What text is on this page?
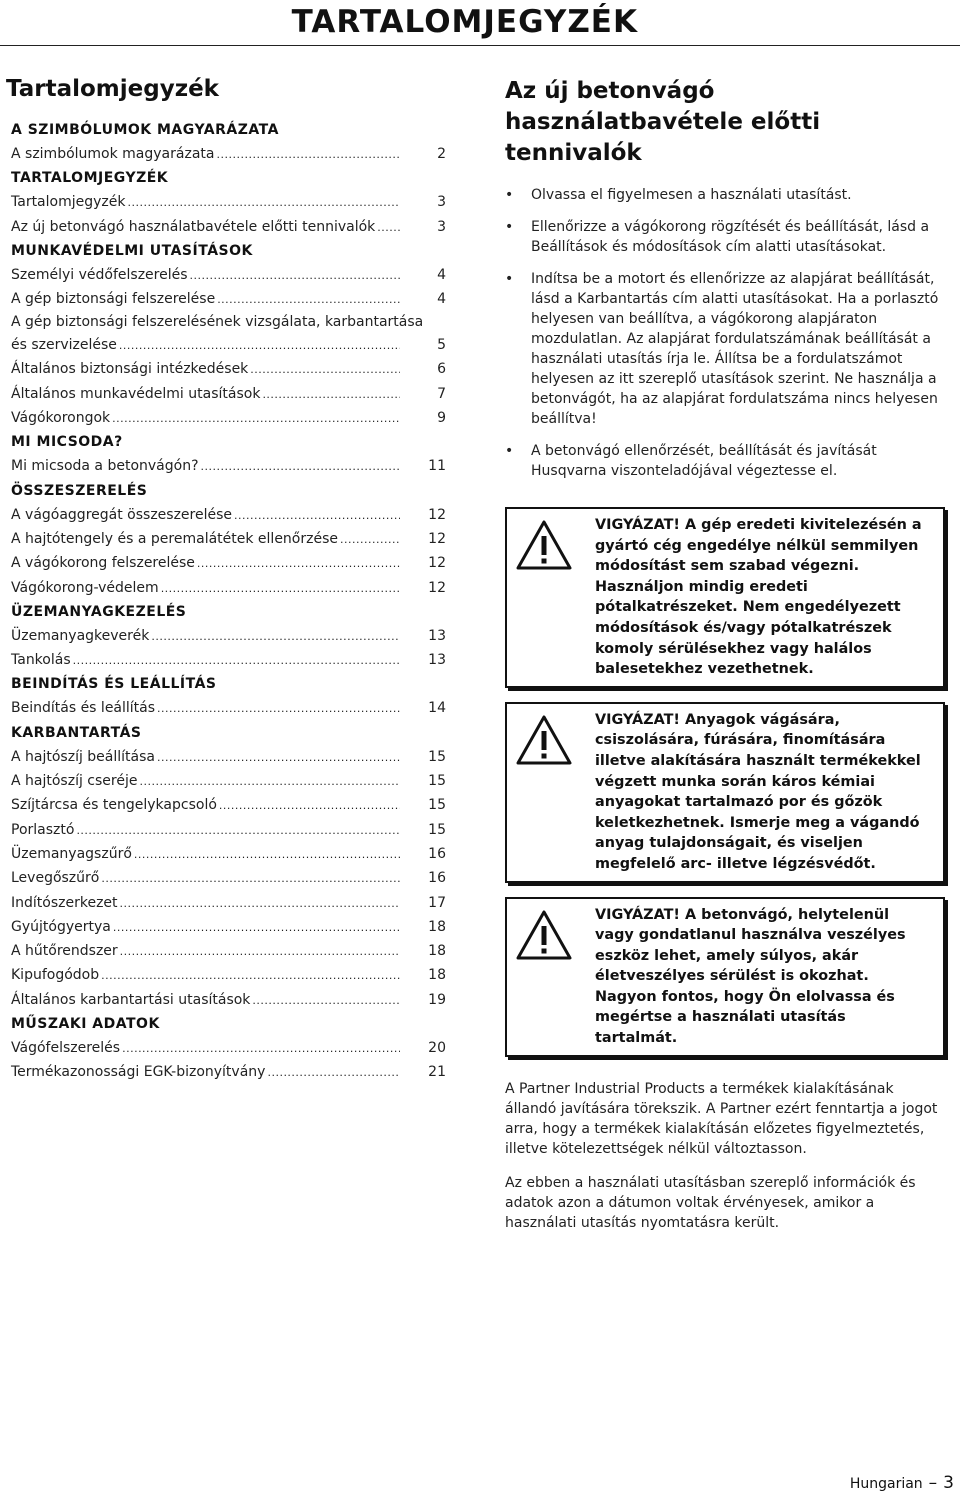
TARTALOMJEGYZÉK
Tartalomjegyzék
A SZIMBÓLUMOK MAGYARÁZATA
A szimbólumok magyarázata .....	2
TARTALOMJEGYZÉK
Tartalomjegyzék .....	3
Az új betonvágó használatbavétele előtti tennivalók .....	3
MUNKAVÉDELMI UTASÍTÁSOK
Személyi védőfelszerelés .....	4
A gép biztonsági felszerelése .....	4
A gép biztonsági felszerelésének vizsgálata, karbantartása
és szervizelése .....	5
Általános biztonsági intézkedések .....	6
Általános munkavédelmi utasítások .....	7
Vágókorongok .....	9
MI MICSODA?
Mi micsoda a betonvágón? .....	11
ÖSSZESZERELÉS
A vágóaggregát összeszerelése .....	12
A hajtótengely és a peremalátétek ellenőrzése .....	12
A vágókorong felszerelése .....	12
Vágókorong-védelem .....	12
ÜZEMANYAGKEZELÉS
Üzemanyagkeverék .....	13
Tankolás .....	13
BEINDÍTÁS ÉS LEÁLLÍTÁS
Beindítás és leállítás .....	14
KARBANTARTÁS
A hajtószíj beállítása .....	15
A hajtószíj cseréje .....	15
Szíjtárcsa és tengelykapcsoló .....	15
Porlasztó .....	15
Üzemanyagszűrő .....	16
Levegőszűrő .....	16
Indítószerkezet .....	17
Gyújtógyertya .....	18
A hűtőrendszer .....	18
Kipufogódob .....	18
Általános karbantartási utasítások .....	19
MŰSZAKI ADATOK
Vágófelszerelés .....	20
Termékazonossági EGK-bizonyítvány .....	21
Az új betonvágó használatbavétele előtti tennivalók
• Olvassa el figyelmesen a használati utasítást.
• Ellenőrizze a vágókorong rögzítését és beállítását, lásd a Beállítások és módosítások cím alatti utasításokat.
• Indítsa be a motort és ellenőrizze az alapjárat beállítását, lásd a Karbantartás cím alatti utasításokat. Ha a porlasztó helyesen van beállítva, a vágókorong alapjáraton mozdulatlan. Az alapjárat fordulatszámának beállítását a használati utasítás írja le. Állítsa be a fordulatszámot helyesen az itt szereplő utasítások szerint. Ne használja a betonvágót, ha az alapjárat fordulatszáma nincs helyesen beállítva!
• A betonvágó ellenőrzését, beállítását és javítását Husqvarna viszonteladójával végeztesse el.
VIGYÁZAT! A gép eredeti kivitelezésén a gyártó cég engedélye nélkül semmilyen módosítást sem szabad végezni. Használjon mindig eredeti pótalkatrészeket. Nem engedélyezett módosítások és/vagy pótalkatrészek komoly sérülésekhez vagy halálos balesetekhez vezethetnek.
VIGYÁZAT! Anyagok vágására, csiszolására, fúrására, finomítására illetve alakítására használt termékekkel végzett munka során káros kémiai anyagokat tartalmazó por és gőzök keletkezhetnek. Ismerje meg a vágandó anyag tulajdonságait, és viseljen megfelelő arc- illetve légzésvédőt.
VIGYÁZAT! A betonvágó, helytelenül vagy gondatlanul használva veszélyes eszköz lehet, amely súlyos, akár életveszélyes sérülést is okozhat. Nagyon fontos, hogy Ön elolvassa és megértse a használati utasítás tartalmát.

A Partner Industrial Products a termékek kialakításának állandó javítására törekszik. A Partner ezért fenntartja a jogot arra, hogy a termékek kialakításán előzetes figyelmeztetés, illetve kötelezettségek nélkül változtasson.

Az ebben a használati utasításban szereplő információk és adatok azon a dátumon voltak érvényesek, amikor a használati utasítás nyomtatásra került.

Hungarian – 3
